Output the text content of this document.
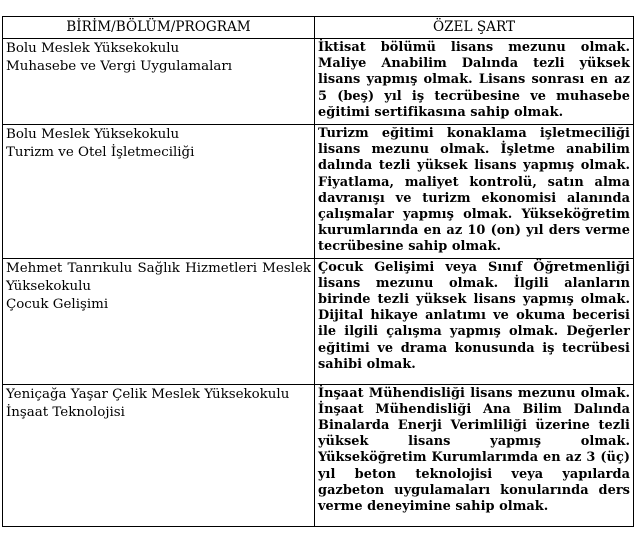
BİRİM/BÖLÜM/PROGRAM	ÖZEL ŞART

Bolu Meslek Yüksekokulu
Muhasebe ve Vergi Uygulamaları	İktisat bölümü lisans mezunu olmak. Maliye Anabilim Dalında tezli yüksek lisans yapmış olmak. Lisans sonrası en az 5 (beş) yıl iş tecrübesine ve muhasebe eğitimi sertifikasına sahip olmak.

Bolu Meslek Yüksekokulu
Turizm ve Otel İşletmeciliği	Turizm eğitimi konaklama işletmeciliği lisans mezunu olmak. İşletme anabilim dalında tezli yüksek lisans yapmış olmak. Fiyatlama, maliyet kontrolü, satın alma davranışı ve turizm ekonomisi alanında çalışmalar yapmış olmak. Yükseköğretim kurumlarında en az 10 (on) yıl ders verme tecrübesine sahip olmak.

Mehmet Tanrıkulu Sağlık Hizmetleri Meslek Yüksekokulu
Çocuk Gelişimi	Çocuk Gelişimi veya Sınıf Öğretmenliği lisans mezunu olmak. İlgili alanların birinde tezli yüksek lisans yapmış olmak. Dijital hikaye anlatımı ve okuma becerisi ile ilgili çalışma yapmış olmak. Değerler eğitimi ve drama konusunda iş tecrübesi sahibi olmak.

Yeniçağa Yaşar Çelik Meslek Yüksekokulu
İnşaat Teknolojisi	İnşaat Mühendisliği lisans mezunu olmak. İnşaat Mühendisliği Ana Bilim Dalında Binalarda Enerji Verimliliği üzerine tezli yüksek lisans yapmış olmak. Yükseköğretim Kurumlarımda en az 3 (üç) yıl beton teknolojisi veya yapılarda gazbeton uygulamaları konularında ders verme deneyimine sahip olmak.
